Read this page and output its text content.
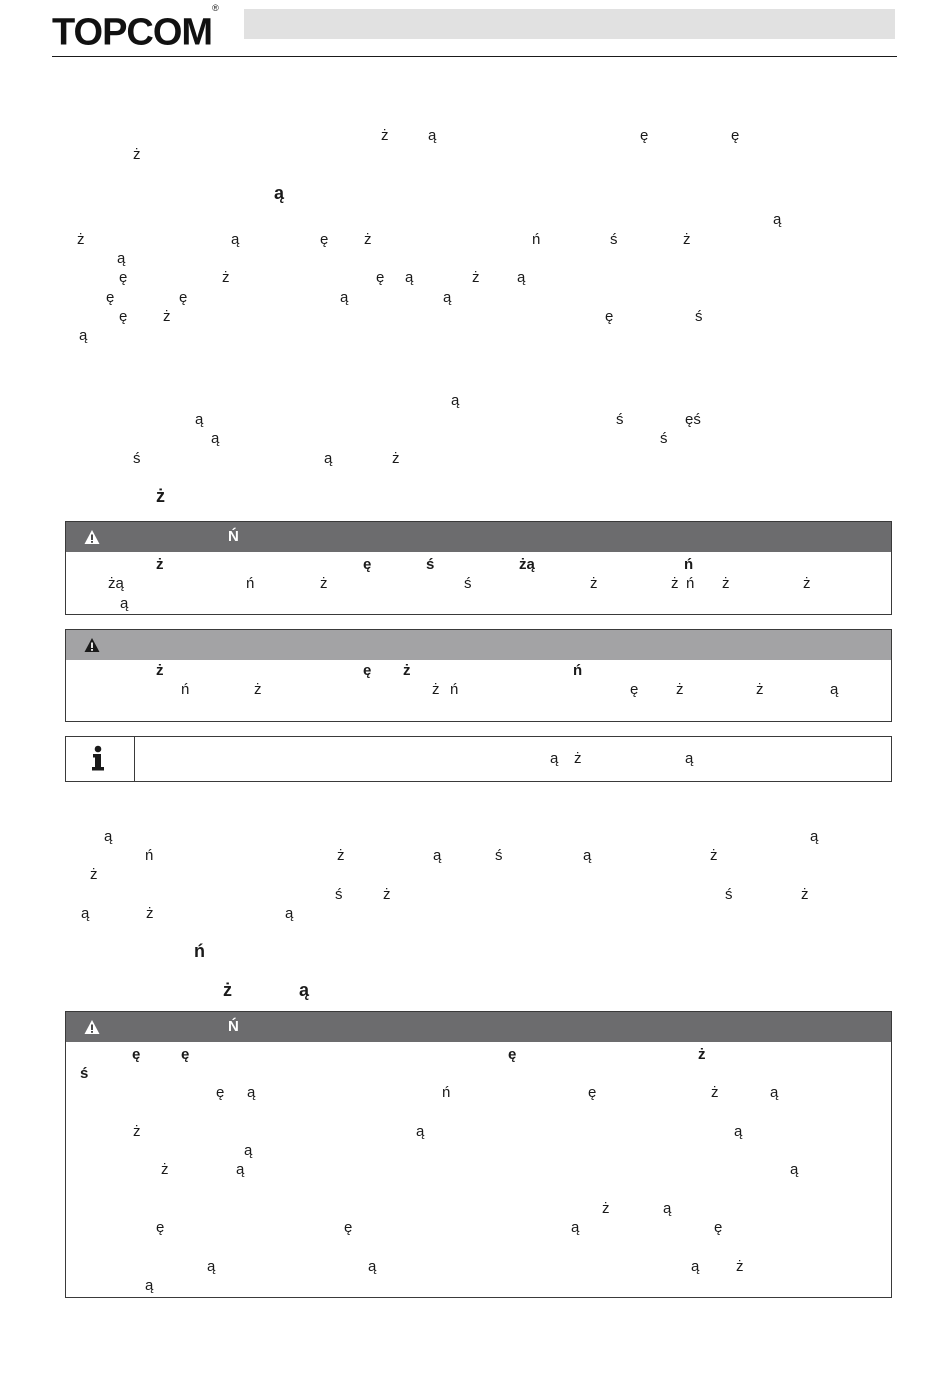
TOPCOM®
ż	ą	ę	ę
ż
ą
ą
ż	ą	ę ż	ń	ś	ż
ą
ę	ż	ę ą	ż	ą
ę	ę	ą	ą
ę ż	ę	ś
ą
ą
ą	ś	ęś
ą	ś
ś	ą	ż
ż
Ń
ż	ę	ś	żą	ń
żą	ń	ż	ś	ż	ż ń ż	ż
ą
ż	ę ż	ń
ń	ż	ż ń	ę	ż	ż	ą
ą ż	ą
ą	ą
ń	ż	ą	ś	ą	ż
ż
ś	ż	ś	ż
ą	ż	ą
ń
ż	ą
Ń
ę	ę	ę	ż
ś
ę ą	ń	ę	ż	ą
ż	ą	ą
ą
ż	ą	ą
ż	ą
ę	ę	ą	ę
ą	ą	ą ż
ą
